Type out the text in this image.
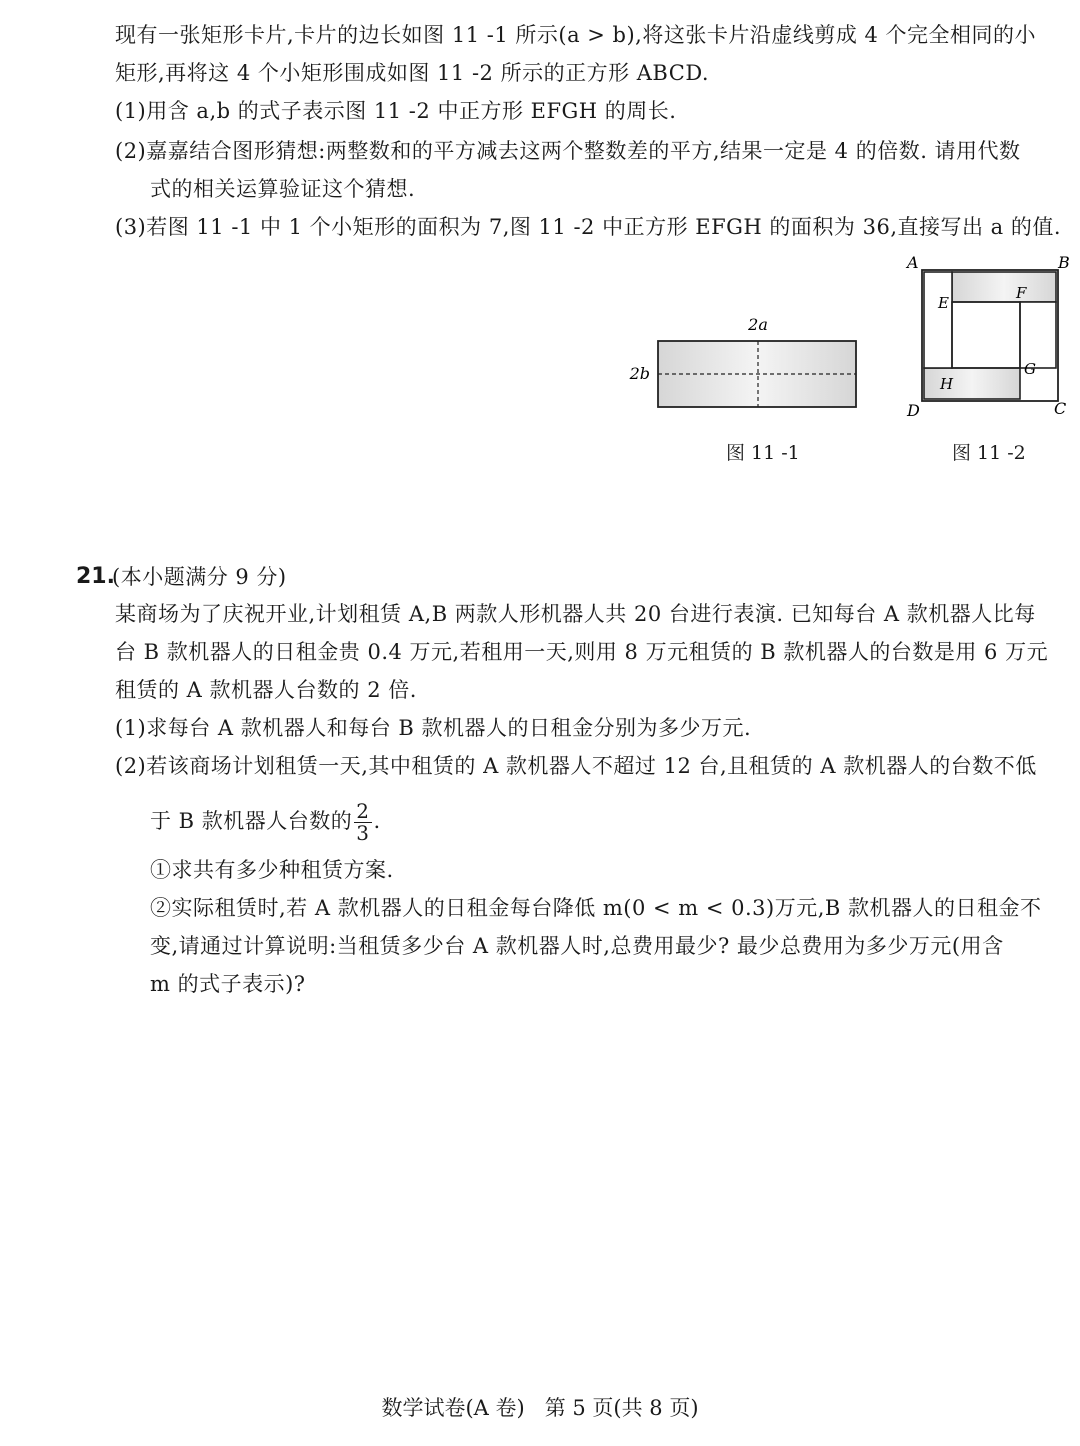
现有一张矩形卡片,卡片的边长如图 11 -1 所示(a > b),将这张卡片沿虚线剪成 4 个完全相同的小
矩形,再将这 4 个小矩形围成如图 11 -2 所示的正方形 ABCD.
(1)用含 a,b 的式子表示图 11 -2 中正方形 EFGH 的周长.
(2)嘉嘉结合图形猜想:两整数和的平方减去这两个整数差的平方,结果一定是 4 的倍数. 请用代数
式的相关运算验证这个猜想.
(3)若图 11 -1 中 1 个小矩形的面积为 7,图 11 -2 中正方形 EFGH 的面积为 36,直接写出 a 的值.
2a
2b
图 11 -1
A	B
C
D
E
F
G
H
图 11 -2
21.
(本小题满分 9 分)
某商场为了庆祝开业,计划租赁 A,B 两款人形机器人共 20 台进行表演. 已知每台 A 款机器人比每
台 B 款机器人的日租金贵 0.4 万元,若租用一天,则用 8 万元租赁的 B 款机器人的台数是用 6 万元
租赁的 A 款机器人台数的 2 倍.
(1)求每台 A 款机器人和每台 B 款机器人的日租金分别为多少万元.
(2)若该商场计划租赁一天,其中租赁的 A 款机器人不超过 12 台,且租赁的 A 款机器人的台数不低
于 B 款机器人台数的 $\frac{2}{3}$ .
①求共有多少种租赁方案.
②实际租赁时,若 A 款机器人的日租金每台降低 m(0 < m < 0.3)万元,B 款机器人的日租金不
变,请通过计算说明:当租赁多少台 A 款机器人时,总费用最少? 最少总费用为多少万元(用含
m 的式子表示)?
数学试卷(A 卷) 第 5 页(共 8 页)
